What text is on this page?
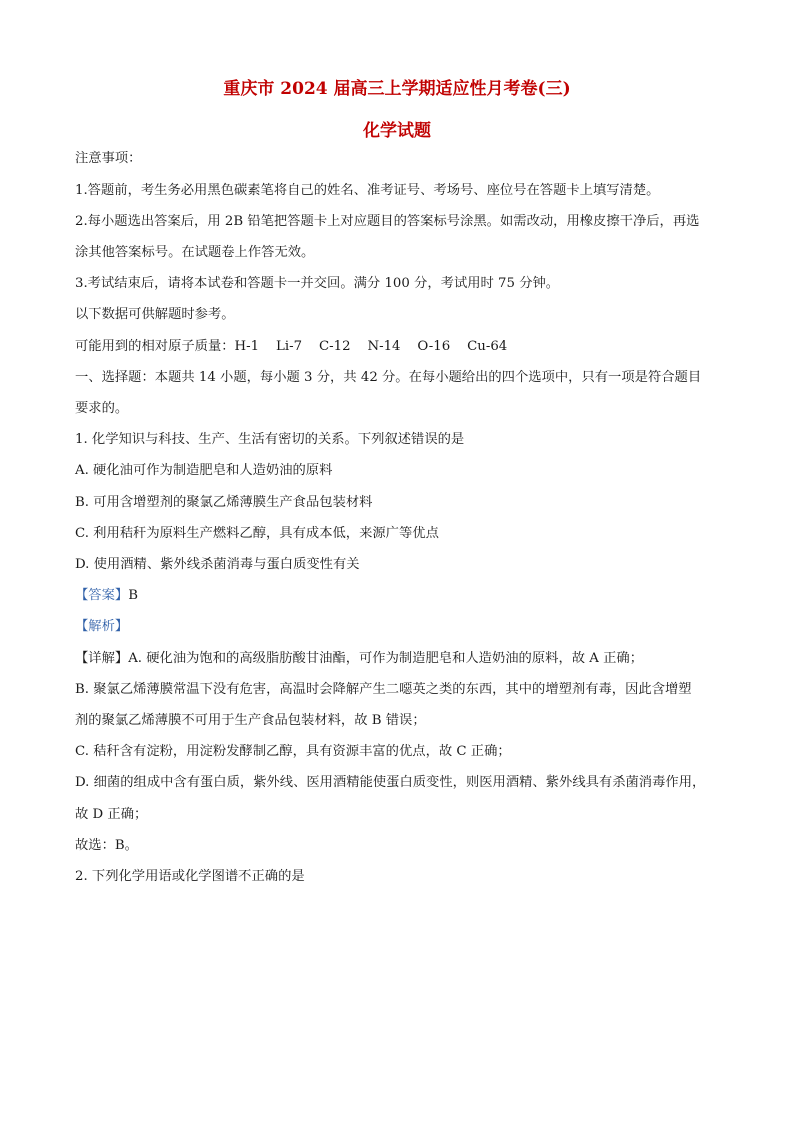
重庆市 2024 届高三上学期适应性月考卷(三)
化学试题
注意事项：
1.答题前，考生务必用黑色碳素笔将自己的姓名、准考证号、考场号、座位号在答题卡上填写清楚。
2.每小题选出答案后，用 2B 铅笔把答题卡上对应题目的答案标号涂黑。如需改动，用橡皮擦干净后，再选
涂其他答案标号。在试题卷上作答无效。
3.考试结束后，请将本试卷和答题卡一并交回。满分 100 分，考试用时 75 分钟。
以下数据可供解题时参考。
可能用到的相对原子质量：H-1    Li-7    C-12    N-14    O-16    Cu-64
一、选择题：本题共 14 小题，每小题 3 分，共 42 分。在每小题给出的四个选项中，只有一项是符合题目
要求的。
1. 化学知识与科技、生产、生活有密切的关系。下列叙述错误的是
A. 硬化油可作为制造肥皂和人造奶油的原料
B. 可用含增塑剂的聚氯乙烯薄膜生产食品包装材料
C. 利用秸秆为原料生产燃料乙醇，具有成本低，来源广等优点
D. 使用酒精、紫外线杀菌消毒与蛋白质变性有关
【答案】B
【解析】
【详解】A. 硬化油为饱和的高级脂肪酸甘油酯，可作为制造肥皂和人造奶油的原料，故 A 正确；
B. 聚氯乙烯薄膜常温下没有危害，高温时会降解产生二噁英之类的东西，其中的增塑剂有毒，因此含增塑
剂的聚氯乙烯薄膜不可用于生产食品包装材料，故 B 错误；
C. 秸秆含有淀粉，用淀粉发酵制乙醇，具有资源丰富的优点，故 C 正确；
D. 细菌的组成中含有蛋白质，紫外线、医用酒精能使蛋白质变性，则医用酒精、紫外线具有杀菌消毒作用，
故 D 正确；
故选：B。
2. 下列化学用语或化学图谱不正确的是
